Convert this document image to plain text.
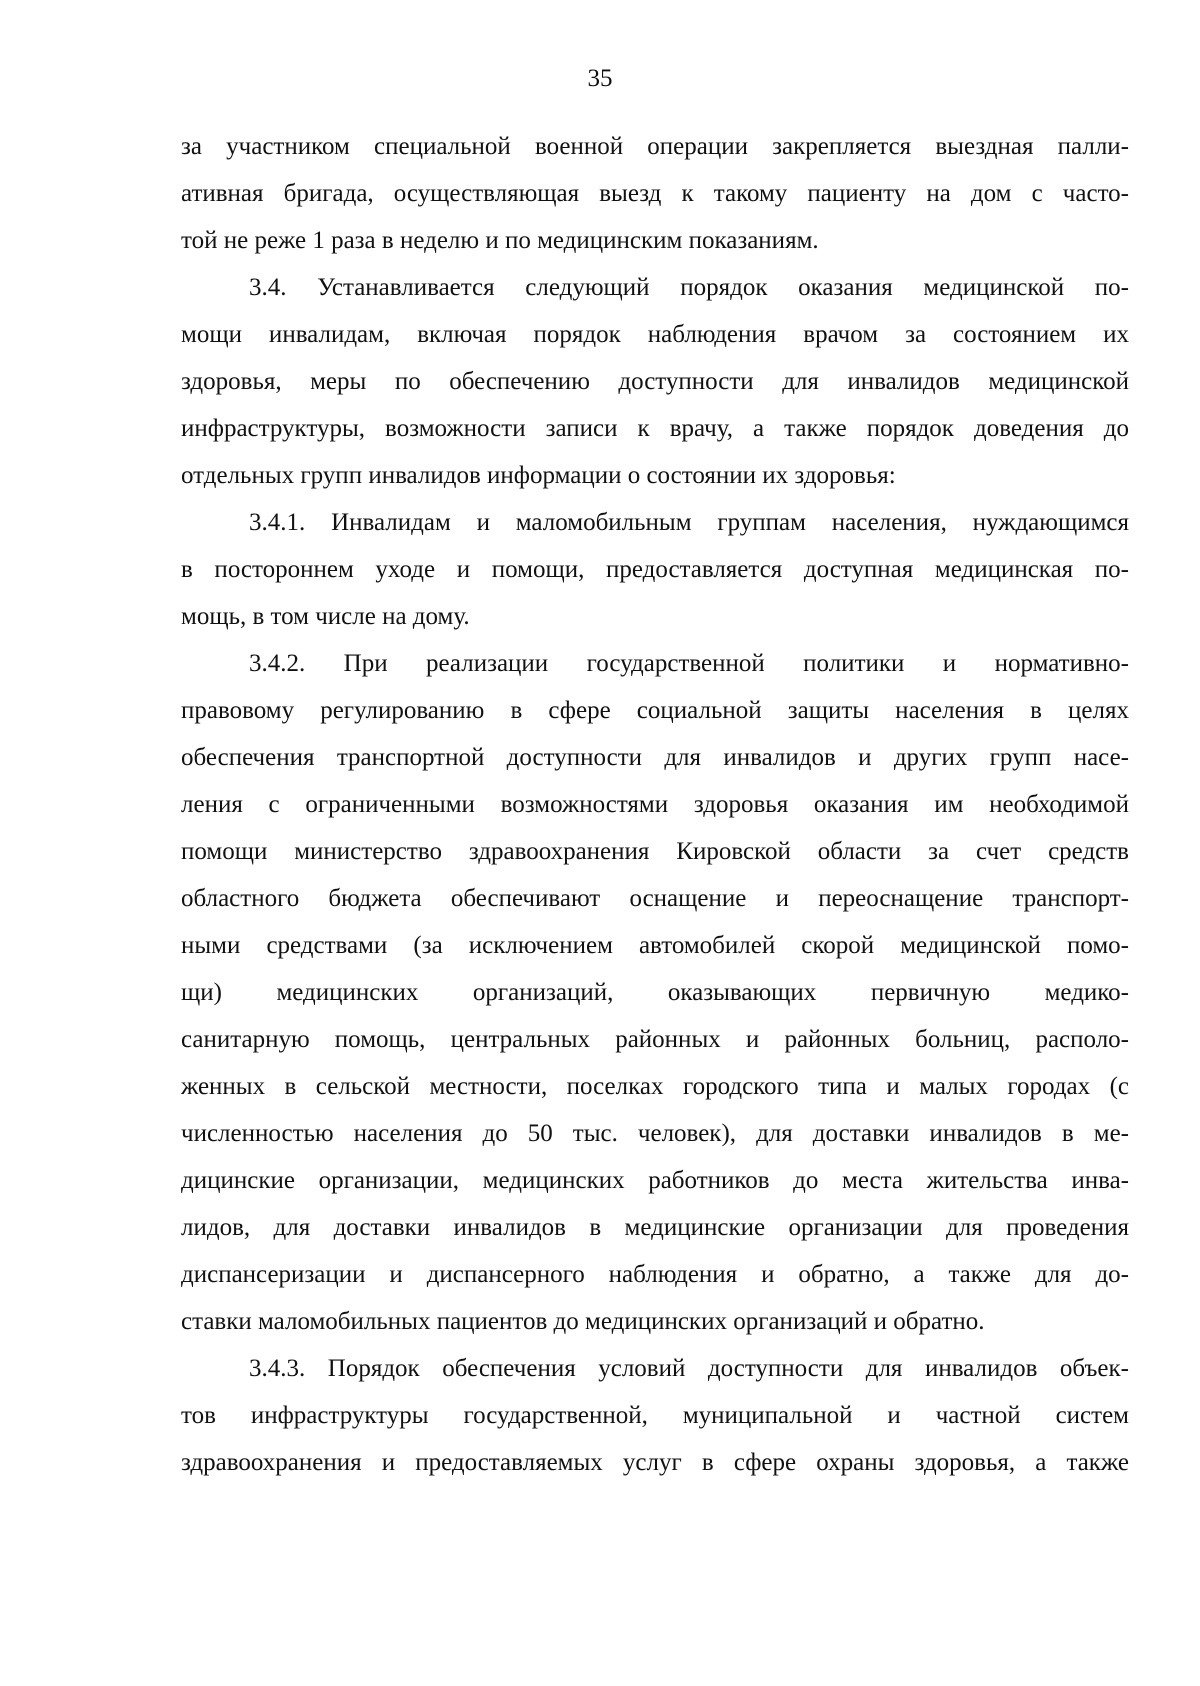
35
за участником специальной военной операции закрепляется выездная палли-
ативная бригада, осуществляющая выезд к такому пациенту на дом с часто-
той не реже 1 раза в неделю и по медицинским показаниям.
3.4. Устанавливается следующий порядок оказания медицинской по-
мощи инвалидам, включая порядок наблюдения врачом за состоянием их
здоровья, меры по обеспечению доступности для инвалидов медицинской
инфраструктуры, возможности записи к врачу, а также порядок доведения до
отдельных групп инвалидов информации о состоянии их здоровья:
3.4.1. Инвалидам и маломобильным группам населения, нуждающимся
в постороннем уходе и помощи, предоставляется доступная медицинская по-
мощь, в том числе на дому.
3.4.2. При реализации государственной политики и нормативно-
правовому регулированию в сфере социальной защиты населения в целях
обеспечения транспортной доступности для инвалидов и других групп насе-
ления с ограниченными возможностями здоровья оказания им необходимой
помощи министерство здравоохранения Кировской области за счет средств
областного бюджета обеспечивают оснащение и переоснащение транспорт-
ными средствами (за исключением автомобилей скорой медицинской помо-
щи) медицинских организаций, оказывающих первичную медико-
санитарную помощь, центральных районных и районных больниц, располо-
женных в сельской местности, поселках городского типа и малых городах (с
численностью населения до 50 тыс. человек), для доставки инвалидов в ме-
дицинские организации, медицинских работников до места жительства инва-
лидов, для доставки инвалидов в медицинские организации для проведения
диспансеризации и диспансерного наблюдения и обратно, а также для до-
ставки маломобильных пациентов до медицинских организаций и обратно.
3.4.3. Порядок обеспечения условий доступности для инвалидов объек-
тов инфраструктуры государственной, муниципальной и частной систем
здравоохранения и предоставляемых услуг в сфере охраны здоровья, а также
